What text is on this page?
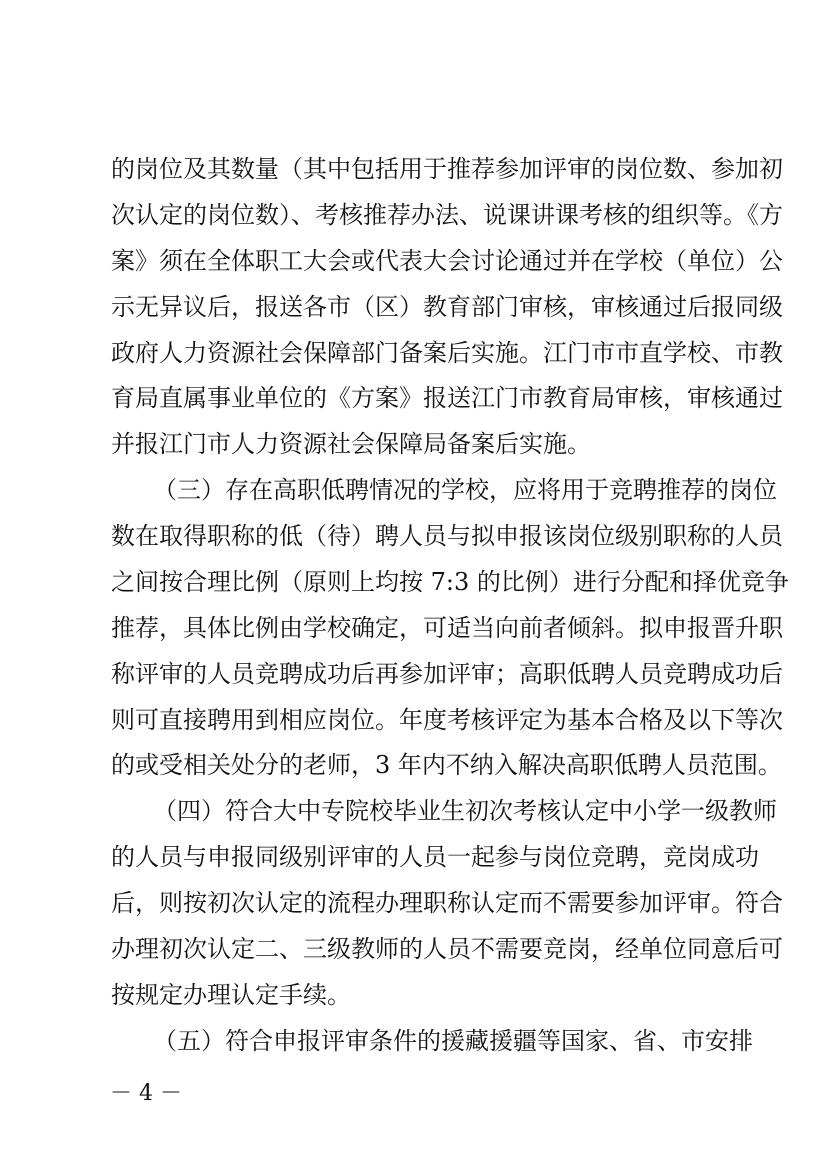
的岗位及其数量（其中包括用于推荐参加评审的岗位数、参加初
次认定的岗位数）、考核推荐办法、说课讲课考核的组织等。《方
案》须在全体职工大会或代表大会讨论通过并在学校（单位）公
示无异议后，报送各市（区）教育部门审核，审核通过后报同级
政府人力资源社会保障部门备案后实施。江门市市直学校、市教
育局直属事业单位的《方案》报送江门市教育局审核，审核通过
并报江门市人力资源社会保障局备案后实施。
（三）存在高职低聘情况的学校，应将用于竞聘推荐的岗位
数在取得职称的低（待）聘人员与拟申报该岗位级别职称的人员
之间按合理比例（原则上均按 7:3 的比例）进行分配和择优竞争
推荐，具体比例由学校确定，可适当向前者倾斜。拟申报晋升职
称评审的人员竞聘成功后再参加评审；高职低聘人员竞聘成功后
则可直接聘用到相应岗位。年度考核评定为基本合格及以下等次
的或受相关处分的老师，3 年内不纳入解决高职低聘人员范围。
（四）符合大中专院校毕业生初次考核认定中小学一级教师
的人员与申报同级别评审的人员一起参与岗位竞聘，竞岗成功
后，则按初次认定的流程办理职称认定而不需要参加评审。符合
办理初次认定二、三级教师的人员不需要竞岗，经单位同意后可
按规定办理认定手续。
（五）符合申报评审条件的援藏援疆等国家、省、市安排
－ 4 －
